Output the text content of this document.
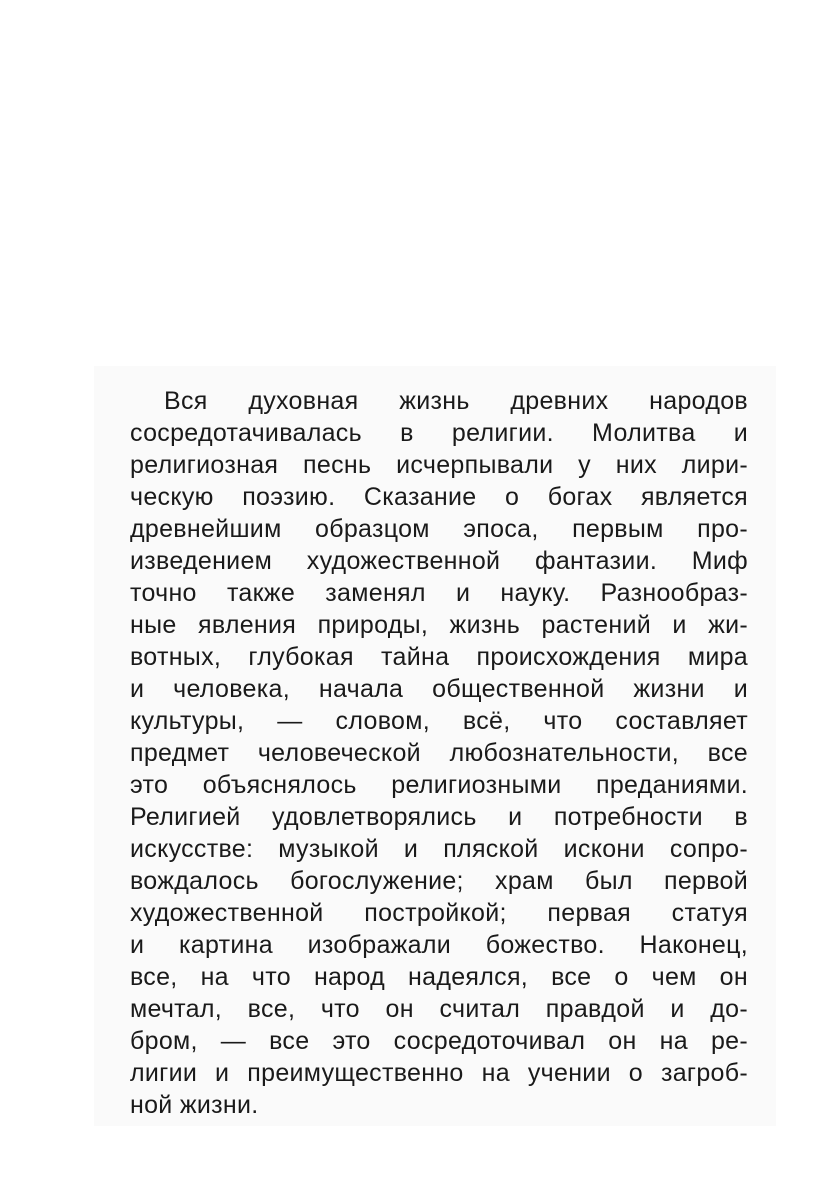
Вся духовная жизнь древних народов
сосредотачивалась в религии. Молитва и
религиозная песнь исчерпывали у них лири-
ческую поэзию. Сказание о богах является
древнейшим образцом эпоса, первым про-
изведением художественной фантазии. Миф
точно также заменял и науку. Разнообраз-
ные явления природы, жизнь растений и жи-
вотных, глубокая тайна происхождения мира
и человека, начала общественной жизни и
культуры, — словом, всё, что составляет
предмет человеческой любознательности, все
это объяснялось религиозными преданиями.
Религией удовлетворялись и потребности в
искусстве: музыкой и пляской искони сопро-
вождалось богослужение; храм был первой
художественной постройкой; первая статуя
и картина изображали божество. Наконец,
все, на что народ надеялся, все о чем он
мечтал, все, что он считал правдой и до-
бром, — все это сосредоточивал он на ре-
лигии и преимущественно на учении о загроб-
ной жизни.
